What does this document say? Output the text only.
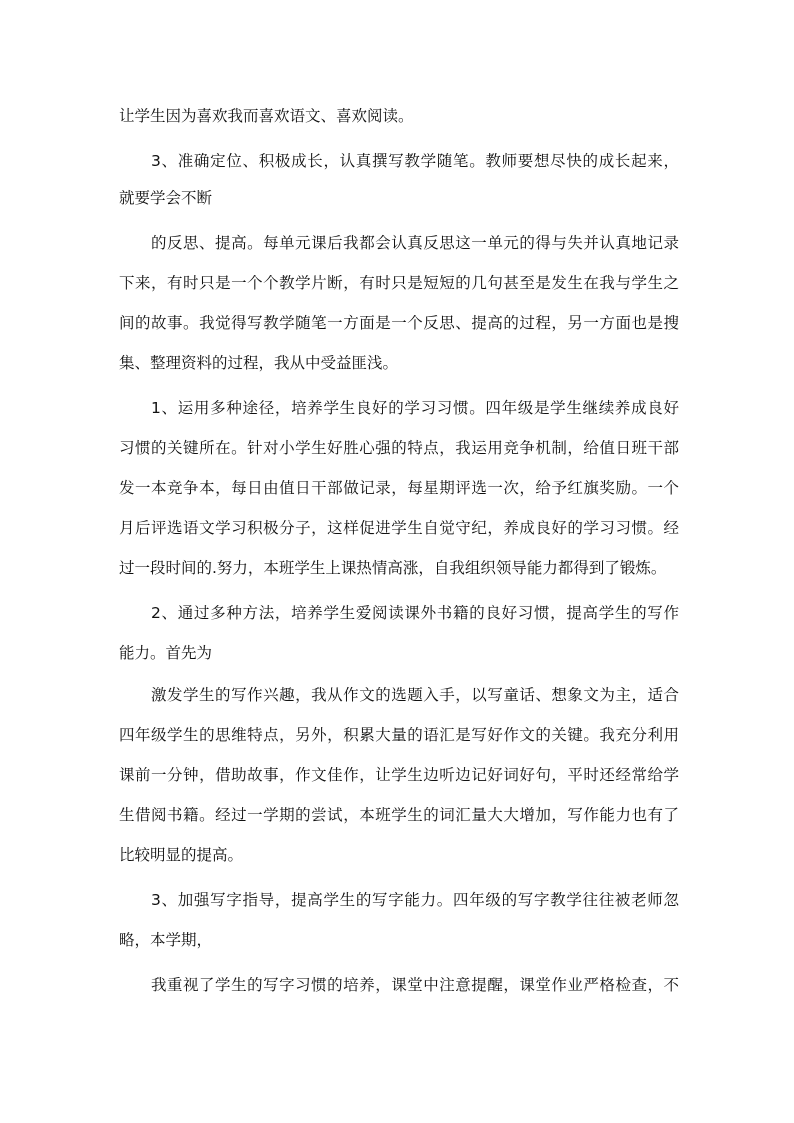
让学生因为喜欢我而喜欢语文、喜欢阅读。
3、准确定位、积极成长，认真撰写教学随笔。教师要想尽快的成长起来，
就要学会不断
的反思、提高。每单元课后我都会认真反思这一单元的得与失并认真地记录
下来，有时只是一个个教学片断，有时只是短短的几句甚至是发生在我与学生之
间的故事。我觉得写教学随笔一方面是一个反思、提高的过程，另一方面也是搜
集、整理资料的过程，我从中受益匪浅。
1、运用多种途径，培养学生良好的学习习惯。四年级是学生继续养成良好
习惯的关键所在。针对小学生好胜心强的特点，我运用竞争机制，给值日班干部
发一本竞争本，每日由值日干部做记录，每星期评选一次，给予红旗奖励。一个
月后评选语文学习积极分子，这样促进学生自觉守纪，养成良好的学习习惯。经
过一段时间的.努力，本班学生上课热情高涨，自我组织领导能力都得到了锻炼。
2、通过多种方法，培养学生爱阅读课外书籍的良好习惯，提高学生的写作
能力。首先为
激发学生的写作兴趣，我从作文的选题入手，以写童话、想象文为主，适合
四年级学生的思维特点，另外，积累大量的语汇是写好作文的关键。我充分利用
课前一分钟，借助故事，作文佳作，让学生边听边记好词好句，平时还经常给学
生借阅书籍。经过一学期的尝试，本班学生的词汇量大大增加，写作能力也有了
比较明显的提高。
3、加强写字指导，提高学生的写字能力。四年级的写字教学往往被老师忽
略，本学期，
我重视了学生的写字习惯的培养，课堂中注意提醒，课堂作业严格检查，不
